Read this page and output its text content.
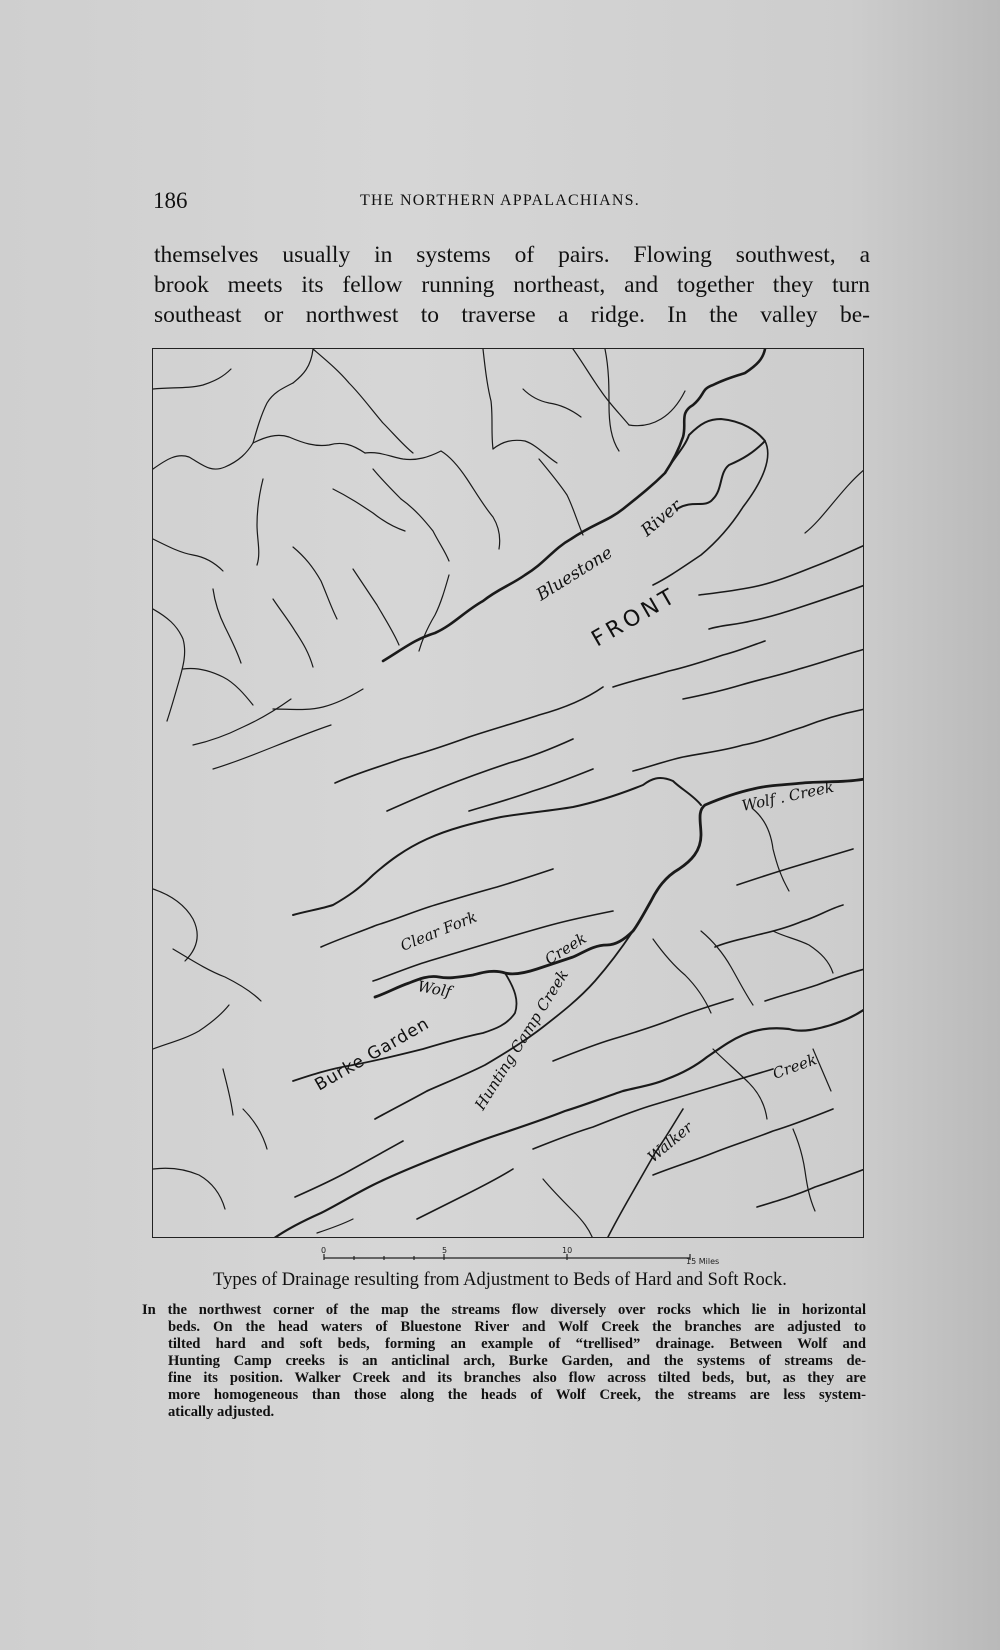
186	THE NORTHERN APPALACHIANS.
themselves usually in systems of pairs. Flowing southwest, a
brook meets its fellow running northeast, and together they turn
southeast or northwest to traverse a ridge. In the valley be-
Bluestone
River
FRONT
Wolf . Creek
Clear Fork
Wolf
Creek
Burke Garden	Hunting Camp Creek
Walker
Creek
0	5	10
15 Miles
Types of Drainage resulting from Adjustment to Beds of Hard and Soft Rock.
In the northwest corner of the map the streams flow diversely over rocks which lie in horizontal
beds. On the head waters of Bluestone River and Wolf Creek the branches are adjusted to
tilted hard and soft beds, forming an example of “trellised” drainage. Between Wolf and
Hunting Camp creeks is an anticlinal arch, Burke Garden, and the systems of streams de-
fine its position. Walker Creek and its branches also flow across tilted beds, but, as they are
more homogeneous than those along the heads of Wolf Creek, the streams are less system-
atically adjusted.
